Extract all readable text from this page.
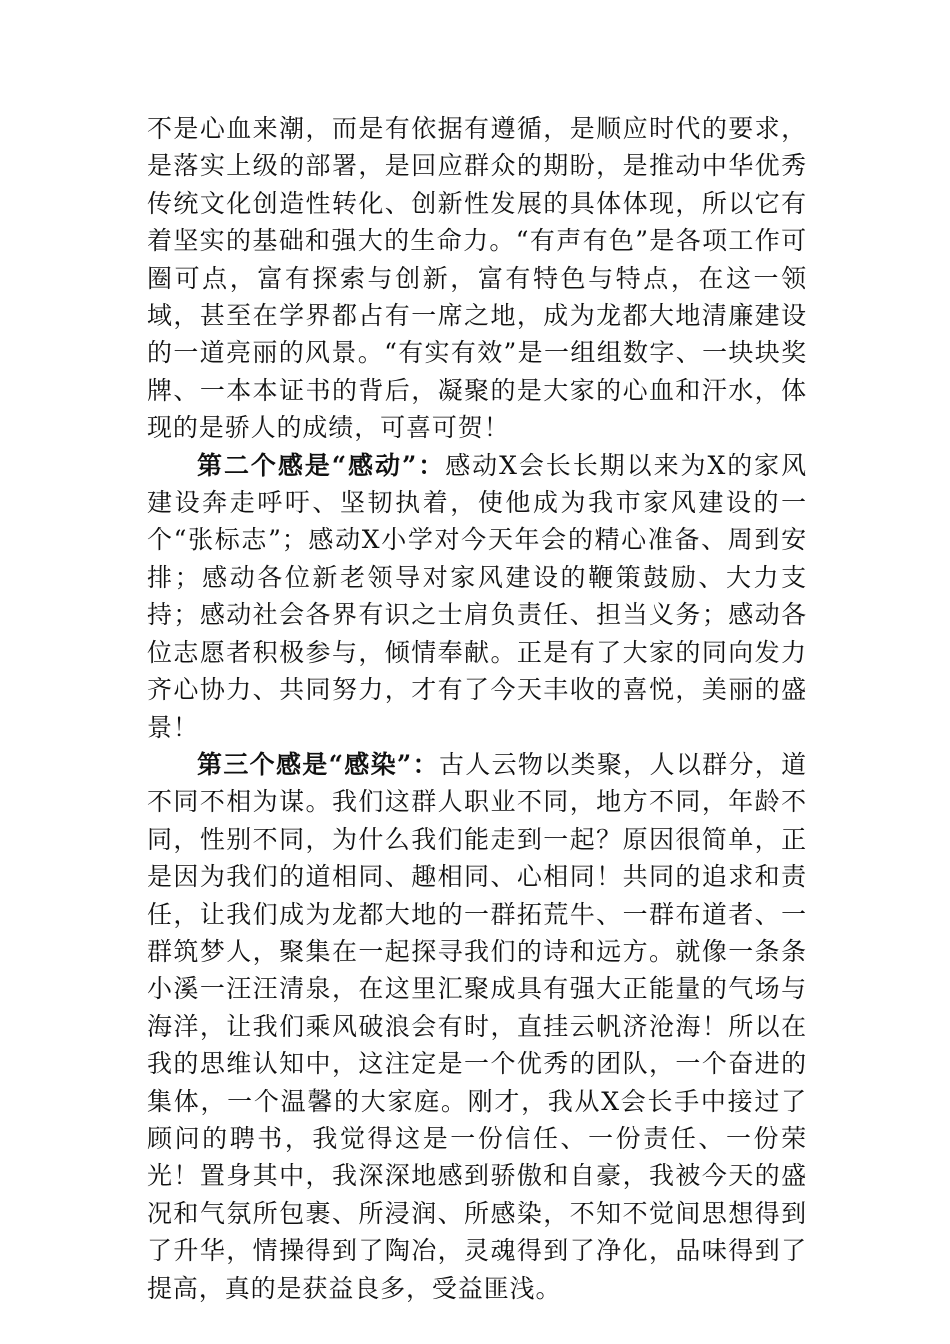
不是心血来潮，而是有依据有遵循，是顺应时代的要求，是落实上级的部署，是回应群众的期盼，是推动中华优秀传统文化创造性转化、创新性发展的具体体现，所以它有着坚实的基础和强大的生命力。“有声有色”是各项工作可圈可点，富有探索与创新，富有特色与特点，在这一领域，甚至在学界都占有一席之地，成为龙都大地清廉建设的一道亮丽的风景。“有实有效”是一组组数字、一块块奖牌、一本本证书的背后，凝聚的是大家的心血和汗水，体现的是骄人的成绩，可喜可贺！

第二个感是“感动”：感动X会长长期以来为X的家风建设奔走呼吁、坚韧执着，使他成为我市家风建设的一个“张标志”；感动X小学对今天年会的精心准备、周到安排；感动各位新老领导对家风建设的鞭策鼓励、大力支持；感动社会各界有识之士肩负责任、担当义务；感动各位志愿者积极参与，倾情奉献。正是有了大家的同向发力齐心协力、共同努力，才有了今天丰收的喜悦，美丽的盛景！

第三个感是“感染”：古人云物以类聚，人以群分，道不同不相为谋。我们这群人职业不同，地方不同，年龄不同，性别不同，为什么我们能走到一起？原因很简单，正是因为我们的道相同、趣相同、心相同！共同的追求和责任，让我们成为龙都大地的一群拓荒牛、一群布道者、一群筑梦人，聚集在一起探寻我们的诗和远方。就像一条条小溪一汪汪清泉，在这里汇聚成具有强大正能量的气场与海洋，让我们乘风破浪会有时，直挂云帆济沧海！所以在我的思维认知中，这注定是一个优秀的团队，一个奋进的集体，一个温馨的大家庭。刚才，我从X会长手中接过了顾问的聘书，我觉得这是一份信任、一份责任、一份荣光！置身其中，我深深地感到骄傲和自豪，我被今天的盛况和气氛所包裹、所浸润、所感染，不知不觉间思想得到了升华，情操得到了陶冶，灵魂得到了净化，品味得到了提高，真的是获益良多，受益匪浅。
